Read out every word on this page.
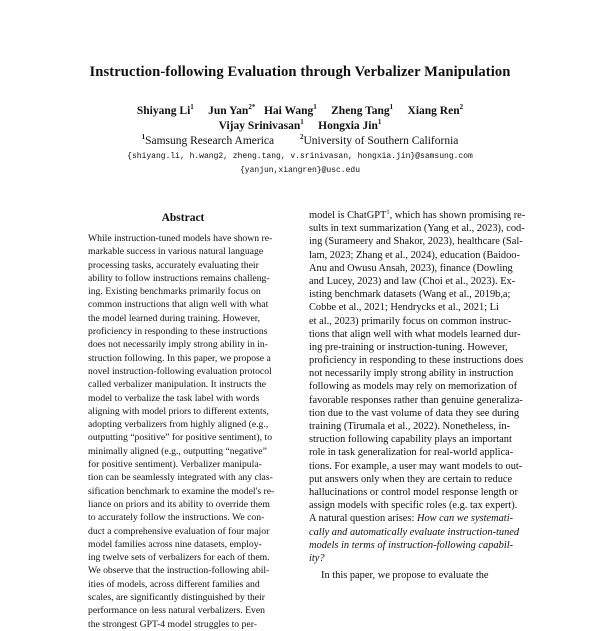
Instruction-following Evaluation through Verbalizer Manipulation
Shiyang Li$^1$ Jun Yan$^{2*}$ Hai Wang$^1$ Zheng Tang$^1$ Xiang Ren$^2$
Vijay Srinivasan$^1$ Hongxia Jin$^1$
$^1$Samsung Research America	$^2$University of Southern California
{shiyang.li, h.wang2, zheng.tang, v.srinivasan, hongxia.jin}@samsung.com
{yanjun,xiangren}@usc.edu
Abstract
While instruction-tuned models have shown re-
markable success in various natural language
processing tasks, accurately evaluating their
ability to follow instructions remains challeng-
ing. Existing benchmarks primarily focus on
common instructions that align well with what
the model learned during training. However,
proficiency in responding to these instructions
does not necessarily imply strong ability in in-
struction following. In this paper, we propose a
novel instruction-following evaluation protocol
called verbalizer manipulation. It instructs the
model to verbalize the task label with words
aligning with model priors to different extents,
adopting verbalizers from highly aligned (e.g.,
outputting “positive” for positive sentiment), to
minimally aligned (e.g., outputting “negative”
for positive sentiment). Verbalizer manipula-
tion can be seamlessly integrated with any clas-
sification benchmark to examine the model's re-
liance on priors and its ability to override them
to accurately follow the instructions. We con-
duct a comprehensive evaluation of four major
model families across nine datasets, employ-
ing twelve sets of verbalizers for each of them.
We observe that the instruction-following abil-
ities of models, across different families and
scales, are significantly distinguished by their
performance on less natural verbalizers. Even
the strongest GPT-4 model struggles to per-
model is ChatGPT$^1$, which has shown promising re-
sults in text summarization (Yang et al., 2023), cod-
ing (Surameery and Shakor, 2023), healthcare (Sal-
lam, 2023; Zhang et al., 2024), education (Baidoo-
Anu and Owusu Ansah, 2023), finance (Dowling
and Lucey, 2023) and law (Choi et al., 2023). Ex-
isting benchmark datasets (Wang et al., 2019b,a;
Cobbe et al., 2021; Hendrycks et al., 2021; Li
et al., 2023) primarily focus on common instruc-
tions that align well with what models learned dur-
ing pre-training or instruction-tuning. However,
proficiency in responding to these instructions does
not necessarily imply strong ability in instruction
following as models may rely on memorization of
favorable responses rather than genuine generaliza-
tion due to the vast volume of data they see during
training (Tirumala et al., 2022). Nonetheless, in-
struction following capability plays an important
role in task generalization for real-world applica-
tions. For example, a user may want models to out-
put answers only when they are certain to reduce
hallucinations or control model response length or
assign models with specific roles (e.g. tax expert).
A natural question arises: How can we systemati-
cally and automatically evaluate instruction-tuned
models in terms of instruction-following capabil-
ity?
In this paper, we propose to evaluate the
